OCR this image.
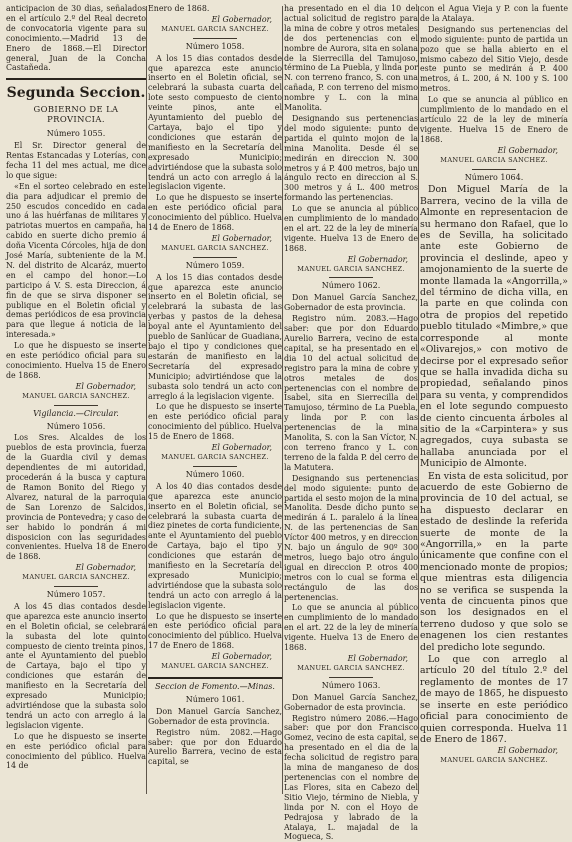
anticipacion de 30 dias, señalados en el artículo 2.º del Real decreto de convocatoria vigente para su conocimiento.—Madrid 13 de Enero de 1868.—El Director general, Juan de la Concha Castañeda.

Segunda Seccion.
GOBIERNO DE LA PROVINCIA.
Número 1055.

El Sr. Director general de Rentas Estancadas y Loterías, con fecha 11 del mes actual, me dice lo que sigue:

«En el sorteo celebrado en este dia para adjudicar el premio de 250 escudos concedido en cada uno á las huérfanas de militares y patriotas muertos en campaña, ha cabido en suerte dicho premio á doña Vicenta Córcoles, hija de don José María, subteniente de la M. N. del distrito de Alcaráz, muerto en el campo del honor.—Lo participo á V. S. esta Direccion, á fin de que se sirva disponer se publique en el Boletin oficial y demas periódicos de esa provincia para que llegue á noticia de la interesada.»

Lo que he dispuesto se inserte en este periódico oficial para su conocimiento. Huelva 15 de Enero de 1868.

El Gobernador,
MANUEL GARCIA SANCHEZ.
Vigilancia.—Circular.
Número 1056.

Los Sres. Alcaldes de los pueblos de esta provincia, fuerza de la Guardia civil y demas dependientes de mi autoridad, procederán á la busca y captura de Ramon Bonito del Riego y Alvarez, natural de la parroquia de San Lorenzo de Salcidos, provincia de Pontevedra; y caso de ser habido lo pondrán á mi disposicion con las seguridades convenientes. Huelva 18 de Enero de 1868.

El Gobernador,
MANUEL GARCIA SANCHEZ.
Número 1057.

A los 45 dias contados desde que aparezca este anuncio inserto en el Boletin oficial, se celebrará la subasta del lote quinto compuesto de ciento treinta pinos, ante el Ayuntamiento del pueblo de Cartaya, bajo el tipo y condiciones que estarán de manifiesto en la Secretaría del expresado Municipio; advirtiéndose que la subasta solo tendrá un acto con arreglo á la legislacion vigente.

Lo que he dispuesto se inserte en este periódico oficial para conocimiento del público. Huelva 14 de

Enero de 1868.

El Gobernador,
MANUEL GARCIA SANCHEZ.
Número 1058.

A los 15 dias contados desde que aparezca este anuncio inserto en el Boletin oficial, se celebrará la subasta cuarta del lote sesto compuesto de ciento veinte pinos, ante el Ayuntamiento del pueblo de Cartaya, bajo el tipo y condiciones que estarán de manifiesto en la Secretaría del expresado Municipio; advirtiéndose que la subasta solo tendrá un acto con arreglo á la legislacion vigente.

Lo que he dispuesto se inserte en este periódico oficial para conocimiento del público. Huelva 14 de Enero de 1868.

El Gobernador,
MANUEL GARCIA SANCHEZ.
Número 1059.

A los 15 dias contados desde que aparezca este anuncio inserto en el Boletin oficial, se celebrará la subasta de las yerbas y pastos de la dehesa boyal ante el Ayuntamiento del pueblo de Sanlúcar de Guadiana, bajo el tipo y condiciones que estarán de manifiesto en la Secretaría del expresado Municipio; advirtiéndose que la subasta solo tendrá un acto con arreglo á la legislacion vigente.

Lo que he dispuesto se inserte en este periódico oficial para conocimiento del público. Huelva 15 de Enero de 1868.

El Gobernador,
MANUEL GARCIA SANCHEZ.
Número 1060.

A los 40 dias contados desde que aparezca este anuncio inserto en el Boletin oficial, se celebrará la subasta cuarta de diez pinetes de corta fundiciente, ante el Ayuntamiento del pueblo de Cartaya, bajo el tipo y condiciones que estarán de manifiesto en la Secretaría del expresado Municipio; advirtiéndose que la subasta solo tendrá un acto con arreglo á la legislacion vigente.

Lo que he dispuesto se inserte en este periódico oficial para conocimiento del público. Huelva 17 de Enero de 1868.

El Gobernador,
MANUEL GARCIA SANCHEZ.
Seccion de Fomento.—Minas.
Número 1061.

Don Manuel García Sanchez, Gobernador de esta provincia.

Registro núm. 2082.—Hago saber: que por don Eduardo Aurelio Barrera, vecino de esta capital, se

ha presentado en el dia 10 del actual solicitud de registro para la mina de cobre y otros metales de dos pertenencias con el nombre de Aurora, sita en solana de la Sierrecilla del Tamujoso, término de La Puebla, y linda por N. con terreno franco, S. con una cañada, P. con terreno del mismo nombre y L. con la mina Manolita.

Designando sus pertenencias del modo siguiente: punto de partida el quinto mojon de la mina Manolita. Desde él se medirán en direccion N. 300 metros y á P. 400 metros, bajo un ángulo recto en direccion al S. 300 metros y á L. 400 metros formando las pertenencias.

Lo que se anuncia al público en cumplimiento de lo mandado en el art. 22 de la ley de minería vigente. Huelva 13 de Enero de 1868.

El Gobernador,
MANUEL GARCIA SANCHEZ.
Número 1062.

Don Manuel García Sanchez, Gobernador de esta provincia.

Registro núm. 2083.—Hago saber: que por don Eduardo Aurelio Barrera, vecino de esta capital, se ha presentado en el dia 10 del actual solicitud de registro para la mina de cobre y otros metales de dos pertenencias con el nombre de Isabel, sita en Sierrecilla del Tamujoso, término de La Puebla, y linda por P. con las pertenencias de la mina Manolita, S. con la San Víctor, N. con terreno franco y L. con terreno de la falda P. del cerro de la Matutera.

Designando sus pertenencias del modo siguiente: punto de partida el sesto mojon de la mina Manolita. Desde dicho punto se medirán á L. paralelo á la línea N. de las pertenencias de San Víctor 400 metros, y en direccion N. bajo un ángulo de 90º 300 metros, luego bajo otro ángulo igual en direccion P. otros 400 metros con lo cual se forma el rectángulo de las dos pertenencias.

Lo que se anuncia al público en cumplimiento de lo mandado en el art. 22 de la ley de minería vigente. Huelva 13 de Enero de 1868.

El Gobernador,
MANUEL GARCIA SANCHEZ.
Número 1063.

Don Manuel García Sanchez, Gobernador de esta provincia.

Registro número 2086.—Hago saber: que por don Francisco Gomez, vecino de esta capital, se ha presentado en el dia de la fecha solicitud de registro para la mina de manganeso de dos pertenencias con el nombre de Las Flores, sita en Cabezo del Sitio Viejo, término de Niebla, y linda por N. con el Hoyo de Pedrajosa y labrado de la Atalaya, L. majadal de la Mogueca, S.

con el Agua Vieja y P. con la fuente de la Atalaya.

Designando sus pertenencias del modo siguiente: punto de partida un pozo que se halla abierto en el mismo cabezo del Sitio Viejo, desde este punto se medirán á P. 400 metros, á L. 200, á N. 100 y S. 100 metros.

Lo que se anuncia al público en cumplimiento de lo mandado en el artículo 22 de la ley de minería vigente. Huelva 15 de Enero de 1868.

El Gobernador,
MANUEL GARCIA SANCHEZ.
Número 1064.

Don Miguel María de la Barrera, vecino de la villa de Almonte en representacion de su hermano don Rafael, que lo es de Sevilla, ha solicitado ante este Gobierno de provincia el deslinde, apeo y amojonamiento de la suerte de monte llamada la «Angorrilla,» del término de dicha villa, en la parte en que colinda con otra de propios del repetido pueblo titulado «Mimbre,» que corresponde al monte «Olivarejos,» con motivo de decirse por el expresado señor que se halla invadida dicha su propiedad, señalando pinos para su venta, y comprendidos en el lote segundo compuesto de ciento cincuenta árboles al sitio de la «Carpintera» y sus agregados, cuya subasta se hallaba anunciada por el Municipio de Almonte.

En vista de esta solicitud, por acuerdo de este Gobierno de provincia de 10 del actual, se ha dispuesto declarar en estado de deslinde la referida suerte de monte de la «Angorrilla,» en la parte únicamente que confine con el mencionado monte de propios; que mientras esta diligencia no se verifica se suspenda la venta de cincuenta pinos que son los designados en el terreno dudoso y que solo se enagenen los cien restantes del predicho lote segundo.

Lo que con arreglo al artículo 20 del título 2.º del reglamento de montes de 17 de mayo de 1865, he dispuesto se inserte en este periódico oficial para conocimiento de quien corresponda. Huelva 11 de Enero de 1867.

El Gobernador,
MANUEL GARCIA SANCHEZ.
